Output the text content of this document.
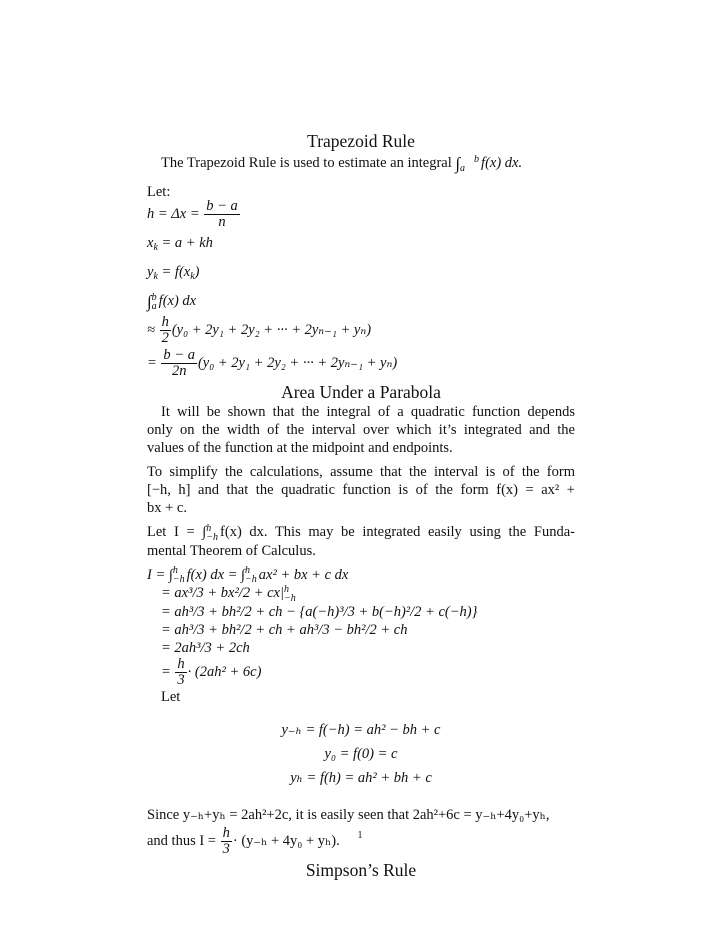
Trapezoid Rule
The Trapezoid Rule is used to estimate an integral ∫ b
a f(x) dx.
Let:
$h = \Delta x = \frac{b - a}{n}$
$x_k = a$ + kh
$y_k = f(x_k)$
∫b
a f(x) dx
≈ $\frac{h}{2} (y_0 + 2y_1 + 2y_2$ + ··· + 2yₙ₋₁ + yₙ)
= $\frac{b - a}{2n} (y_0 + 2y_1 + 2y_2$ + ··· + 2yₙ₋₁ + yₙ)
Area Under a Parabola
It will be shown that the integral of a quadratic function depends
only on the width of the interval over which it’s integrated and the
values of the function at the midpoint and endpoints.
To simplify the calculations, assume that the interval is of the form
[−h, h] and that the quadratic function is of the form f(x) = ax² +
bx + c.
Let I = ∫h
−h f(x) dx. This may be integrated easily using the Funda-
mental Theorem of Calculus.
I = ∫h
−h f(x) dx = ∫h
−h ax² + bx + c dx
= ax³/3 + bx²/2 + cx|h
−h
= ah³/3 + bh²/2 + ch − {a(−h)³/3 + b(−h)²/2 + c(−h)}
= ah³/3 + bh²/2 + ch + ah³/3 − bh²/2 + ch
= 2ah³/3 + 2ch
= $\frac{h}{3} \cdot (2ah^2 + 6c)$
Let
y₋ₕ = f(−h) = ah² − bh + c
y₀ = f(0) = c
yₕ = f(h) = ah² + bh + c
Since y₋ₕ+yₕ = 2ah²+2c, it is easily seen that 2ah²+6c = y₋ₕ+4y₀+yₕ,
and thus $I = \frac{h}{3} \cdot (y_{-h} + 4y_0 + y_h)$.
Simpson’s Rule
1
